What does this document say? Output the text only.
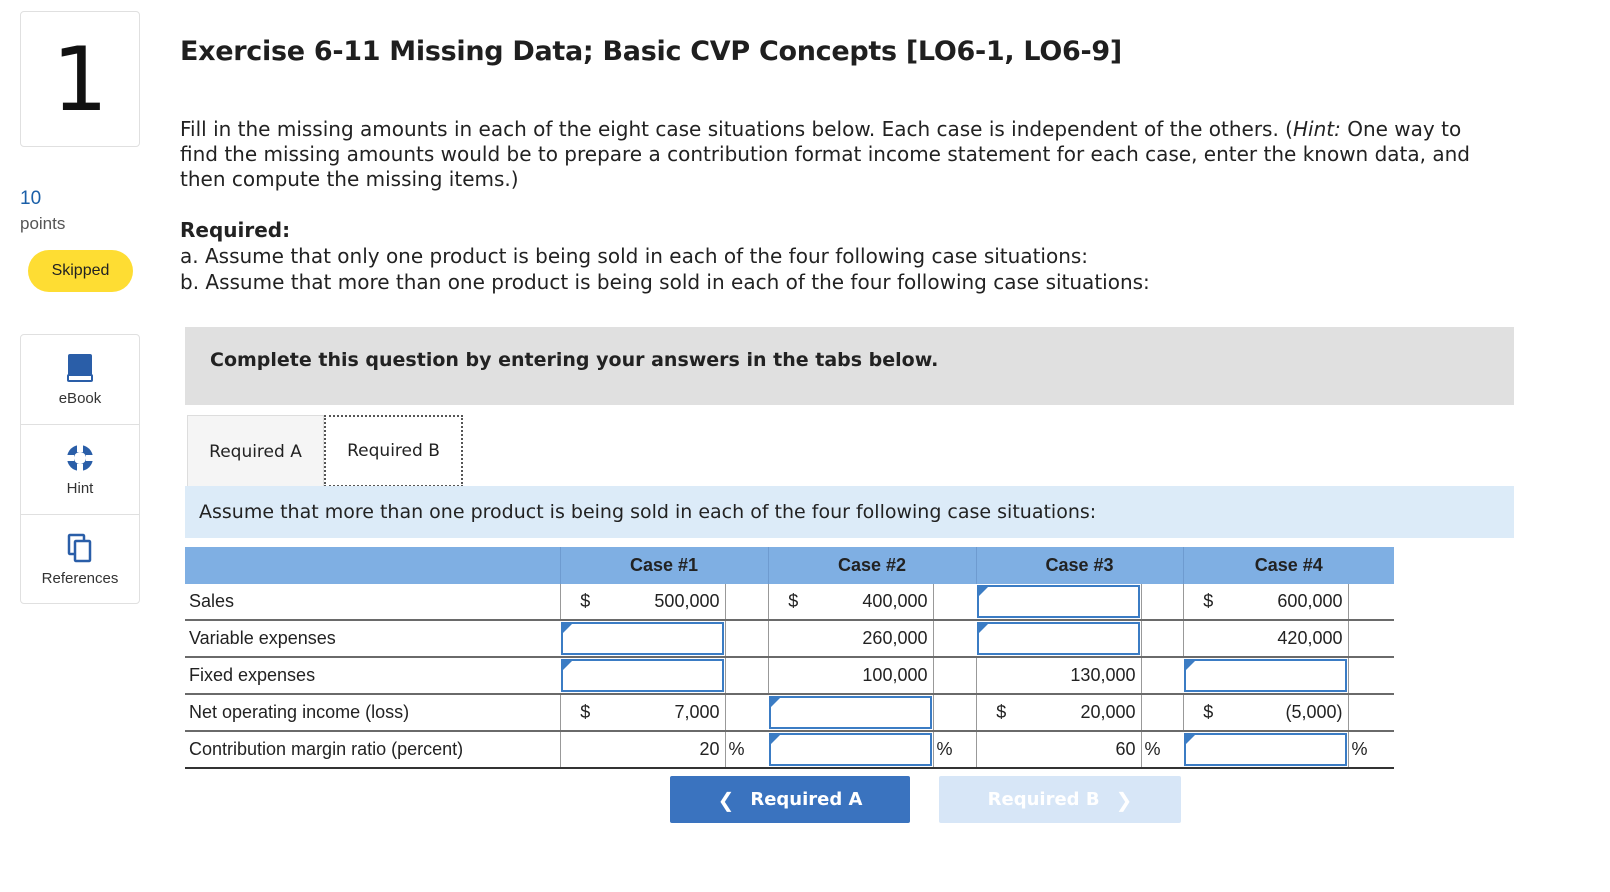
1
10
points
Skipped
eBook
Hint
References
Exercise 6-11 Missing Data; Basic CVP Concepts [LO6-1, LO6-9]
Fill in the missing amounts in each of the eight case situations below. Each case is independent of the others. (Hint: One way to find the missing amounts would be to prepare a contribution format income statement for each case, enter the known data, and then compute the missing items.)
Required:
a. Assume that only one product is being sold in each of the four following case situations:
b. Assume that more than one product is being sold in each of the four following case situations:
Complete this question by entering your answers in the tabs below.
Required A	Required B
Assume that more than one product is being sold in each of the four following case situations:
	Case #1			Case #2			Case #3			Case #4		
Sales	$	500,000		$	400,000					$	600,000	
Variable expenses					260,000						420,000	
Fixed expenses					100,000			130,000			

Net operating income (loss)	$	7,000					$	20,000		$	(5,000)	
Contribution margin ratio (percent)		20	%			%		60	%			%
❮ Required A	Required B ❯
